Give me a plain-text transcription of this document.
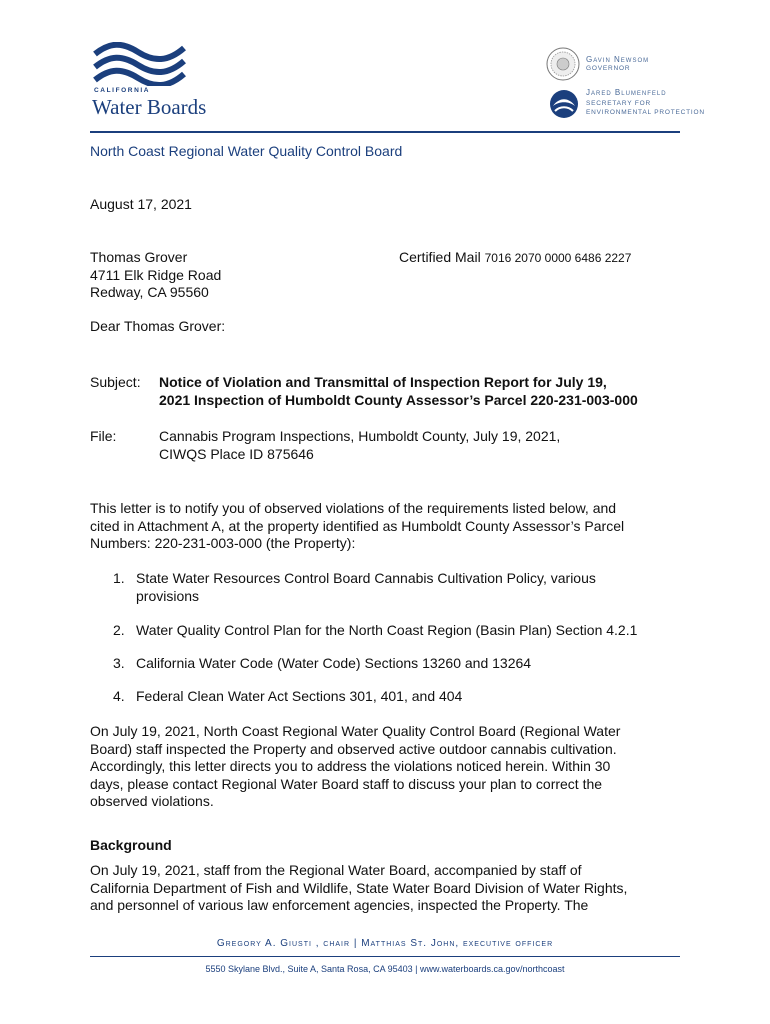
CALIFORNIA
Water Boards
Gavin Newsom
GOVERNOR
Jared Blumenfeld
SECRETARY FOR
ENVIRONMENTAL PROTECTION
North Coast Regional Water Quality Control Board
August 17, 2021
Thomas Grover
4711 Elk Ridge Road
Redway, CA 95560
Certified Mail 7016 2070 0000 6486 2227
Dear Thomas Grover:
Subject: Notice of Violation and Transmittal of Inspection Report for July 19,
2021 Inspection of Humboldt County Assessor’s Parcel 220-231-003-000
File:	Cannabis Program Inspections, Humboldt County, July 19, 2021,
CIWQS Place ID 875646
This letter is to notify you of observed violations of the requirements listed below, and
cited in Attachment A, at the property identified as Humboldt County Assessor’s Parcel
Numbers: 220-231-003-000 (the Property):
1. State Water Resources Control Board Cannabis Cultivation Policy, various
provisions
2. Water Quality Control Plan for the North Coast Region (Basin Plan) Section 4.2.1
3. California Water Code (Water Code) Sections 13260 and 13264
4. Federal Clean Water Act Sections 301, 401, and 404
On July 19, 2021, North Coast Regional Water Quality Control Board (Regional Water
Board) staff inspected the Property and observed active outdoor cannabis cultivation.
Accordingly, this letter directs you to address the violations noticed herein. Within 30
days, please contact Regional Water Board staff to discuss your plan to correct the
observed violations.
Background
On July 19, 2021, staff from the Regional Water Board, accompanied by staff of
California Department of Fish and Wildlife, State Water Board Division of Water Rights,
and personnel of various law enforcement agencies, inspected the Property. The
Gregory A. Giusti , chair | Matthias St. John, executive officer
5550 Skylane Blvd., Suite A, Santa Rosa, CA 95403 | www.waterboards.ca.gov/northcoast
